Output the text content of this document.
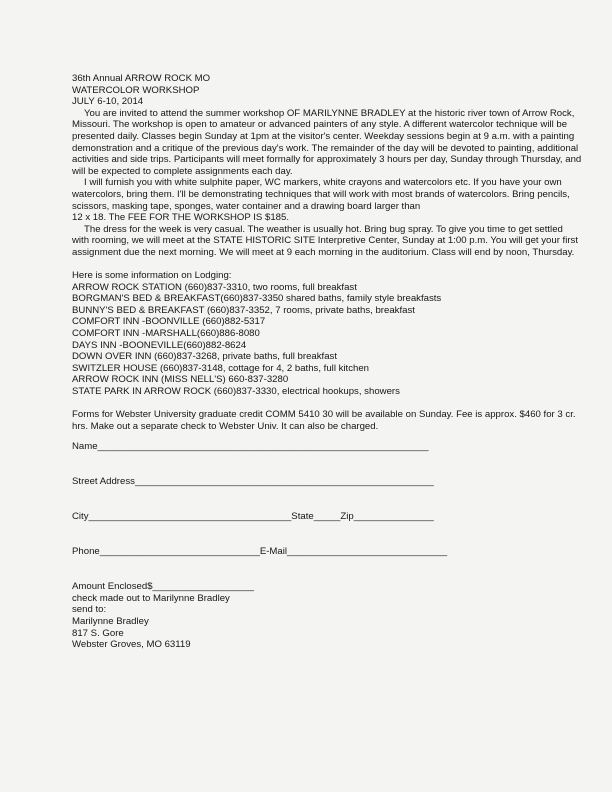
36th Annual ARROW ROCK MO

WATERCOLOR WORKSHOP

JULY 6-10, 2014

You are invited to attend the summer workshop OF MARILYNNE BRADLEY at the historic river town of Arrow Rock, Missouri. The workshop is open to amateur or advanced painters of any style. A different watercolor technique will be presented daily. Classes begin Sunday at 1pm at the visitor's center. Weekday sessions begin at 9 a.m. with a painting demonstration and a critique of the previous day's work. The remainder of the day will be devoted to painting, additional activities and side trips. Participants will meet formally for approximately 3 hours per day, Sunday through Thursday, and will be expected to complete assignments each day.

I will furnish you with white sulphite paper, WC markers, white crayons and watercolors etc. If you have your own watercolors, bring them. I'll be demonstrating techniques that will work with most brands of watercolors. Bring pencils, scissors, masking tape, sponges, water container and a drawing board larger than

12 x 18. The FEE FOR THE WORKSHOP IS $185.

The dress for the week is very casual. The weather is usually hot. Bring bug spray. To give you time to get settled with rooming, we will meet at the STATE HISTORIC SITE Interpretive Center, Sunday at 1:00 p.m. You will get your first assignment due the next morning. We will meet at 9 each morning in the auditorium. Class will end by noon, Thursday.

Here is some information on Lodging:

ARROW ROCK STATION (660)837-3310, two rooms, full breakfast

BORGMAN'S BED & BREAKFAST(660)837-3350 shared baths, family style breakfasts

BUNNY'S BED & BREAKFAST (660)837-3352, 7 rooms, private baths, breakfast

COMFORT INN -BOONVILLE (660)882-5317

COMFORT INN -MARSHALL(660)886-8080

DAYS INN -BOONEVILLE(660)882-8624

DOWN OVER INN (660)837-3268, private baths, full breakfast

SWITZLER HOUSE (660)837-3148, cottage for 4, 2 baths, full kitchen

ARROW ROCK INN (MISS NELL'S) 660-837-3280

STATE PARK IN ARROW ROCK (660)837-3330, electrical hookups, showers

Forms for Webster University graduate credit COMM 5410 30 will be available on Sunday. Fee is approx. $460 for 3 cr. hrs. Make out a separate check to Webster Univ. It can also be charged.

Name______________________________________________________________

Street Address________________________________________________________

City______________________________________State_____Zip_______________

Phone______________________________E-Mail______________________________

Amount Enclosed$___________________

check made out to Marilynne Bradley

send to:

Marilynne Bradley

817 S. Gore

Webster Groves, MO 63119
